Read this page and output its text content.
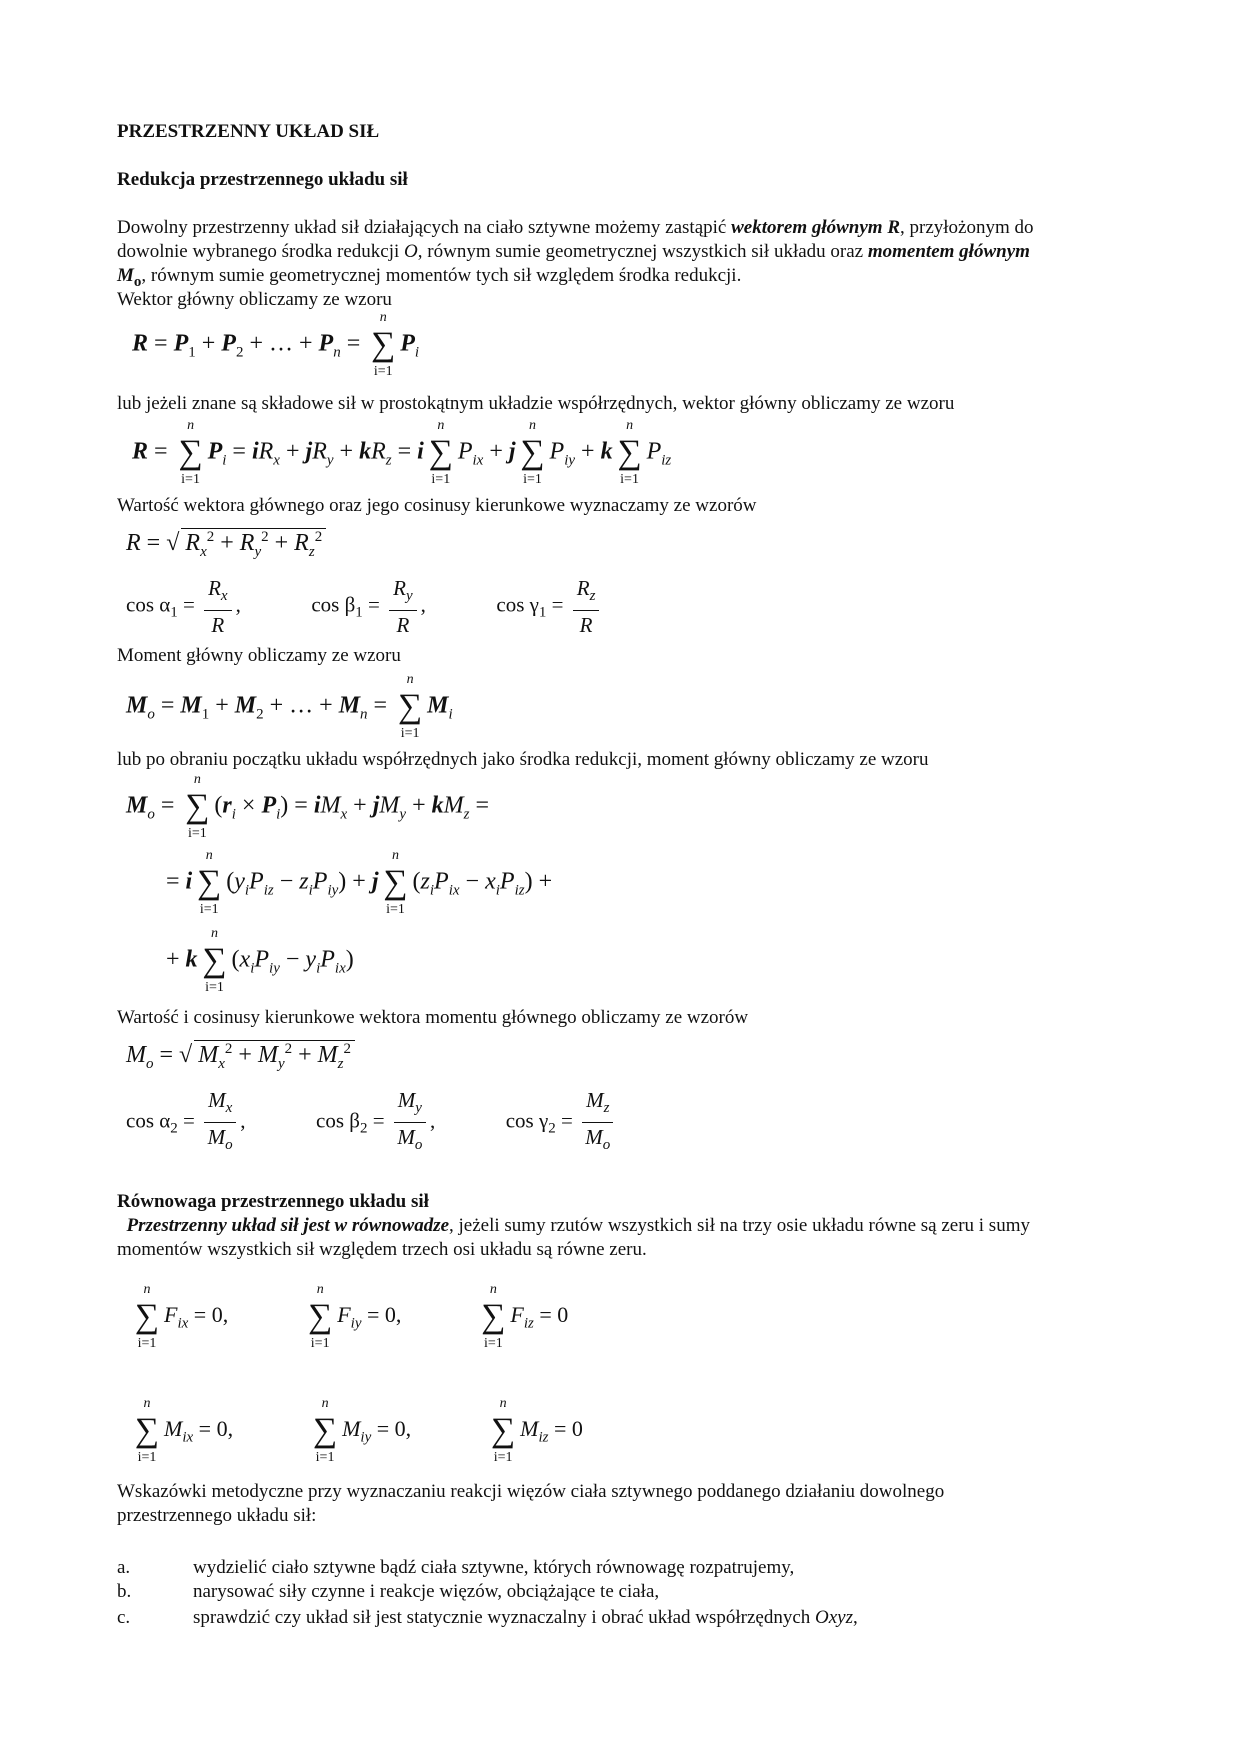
PRZESTRZENNY UKŁAD SIŁ
Redukcja przestrzennego układu sił
Dowolny przestrzenny układ sił działających na ciało sztywne możemy zastąpić wektorem głównym R, przyłożonym do
dowolnie wybranego środka redukcji O, równym sumie geometrycznej wszystkich sił układu oraz momentem głównym
$M_o$, równym sumie geometrycznej momentów tych sił względem środka redukcji.
Wektor główny obliczamy ze wzoru
$R = P_1 + P_2$ + … + $P_n$ =
n
∑
i=1
$P_i$
lub jeżeli znane są składowe sił w prostokątnym układzie współrzędnych, wektor główny obliczamy ze wzoru
R =
n
∑
i=1
$P_i = iR_x + jR_y + kR_z = i$
n
∑
i=1
$P_{ix} + j$
n
∑
i=1
$P_{iy} + k$
n
∑
i=1
$P_{iz}$
Wartość wektora głównego oraz jego cosinusy kierunkowe wyznaczamy ze wzorów
R = √ $R_x^2 + R_y^2 + R_z^2$
$\cos \alpha_1 = \frac{R_x}{R}$ ,	$\cos \beta_1 = \frac{R_y}{R}$ ,	$\cos \gamma_1 = \frac{R_z}{R}$
Moment główny obliczamy ze wzoru
$M_o = M_1 + M_2$ + … + $M_n$ =
n
∑
i=1
$M_i$
lub po obraniu początku układu współrzędnych jako środka redukcji, moment główny obliczamy ze wzoru
$M_o$ =
n
∑
i=1
$(r_i \times P_i) = iM_x + jM_y + kM_z$ =
= i
n
∑
i=1
$(y_iP_{iz} - z_iP_{iy}) + j$
n
∑
i=1
$(z_iP_{ix} - x_iP_{iz})$ +
+ k
n
∑
i=1
$(x_iP_{iy} - y_iP_{ix})$
Wartość i cosinusy kierunkowe wektora momentu głównego obliczamy ze wzorów
$M_o$ = √ $M_x^2 + M_y^2 + M_z^2$
$\cos \alpha_2 = \frac{M_x}{M_o}$ ,	$\cos \beta_2 = \frac{M_y}{M_o}$ ,	$\cos \gamma_2 = \frac{M_z}{M_o}$
Równowaga przestrzennego układu sił
Przestrzenny układ sił jest w równowadze, jeżeli sumy rzutów wszystkich sił na trzy osie układu równe są zeru i sumy
momentów wszystkich sił względem trzech osi układu są równe zeru.
n
∑
i=1
$F_{ix} = 0$,
n
∑
i=1
$F_{iy} = 0$,
n
∑
i=1
$F_{iz} = 0$
n
∑
i=1
$M_{ix} = 0$,
n
∑
i=1
$M_{iy} = 0$,
n
∑
i=1
$M_{iz} = 0$
Wskazówki metodyczne przy wyznaczaniu reakcji więzów ciała sztywnego poddanego działaniu dowolnego
przestrzennego układu sił:
a.	wydzielić ciało sztywne bądź ciała sztywne, których równowagę rozpatrujemy,
b.	narysować siły czynne i reakcje więzów, obciążające te ciała,
c.	sprawdzić czy układ sił jest statycznie wyznaczalny i obrać układ współrzędnych Oxyz,
